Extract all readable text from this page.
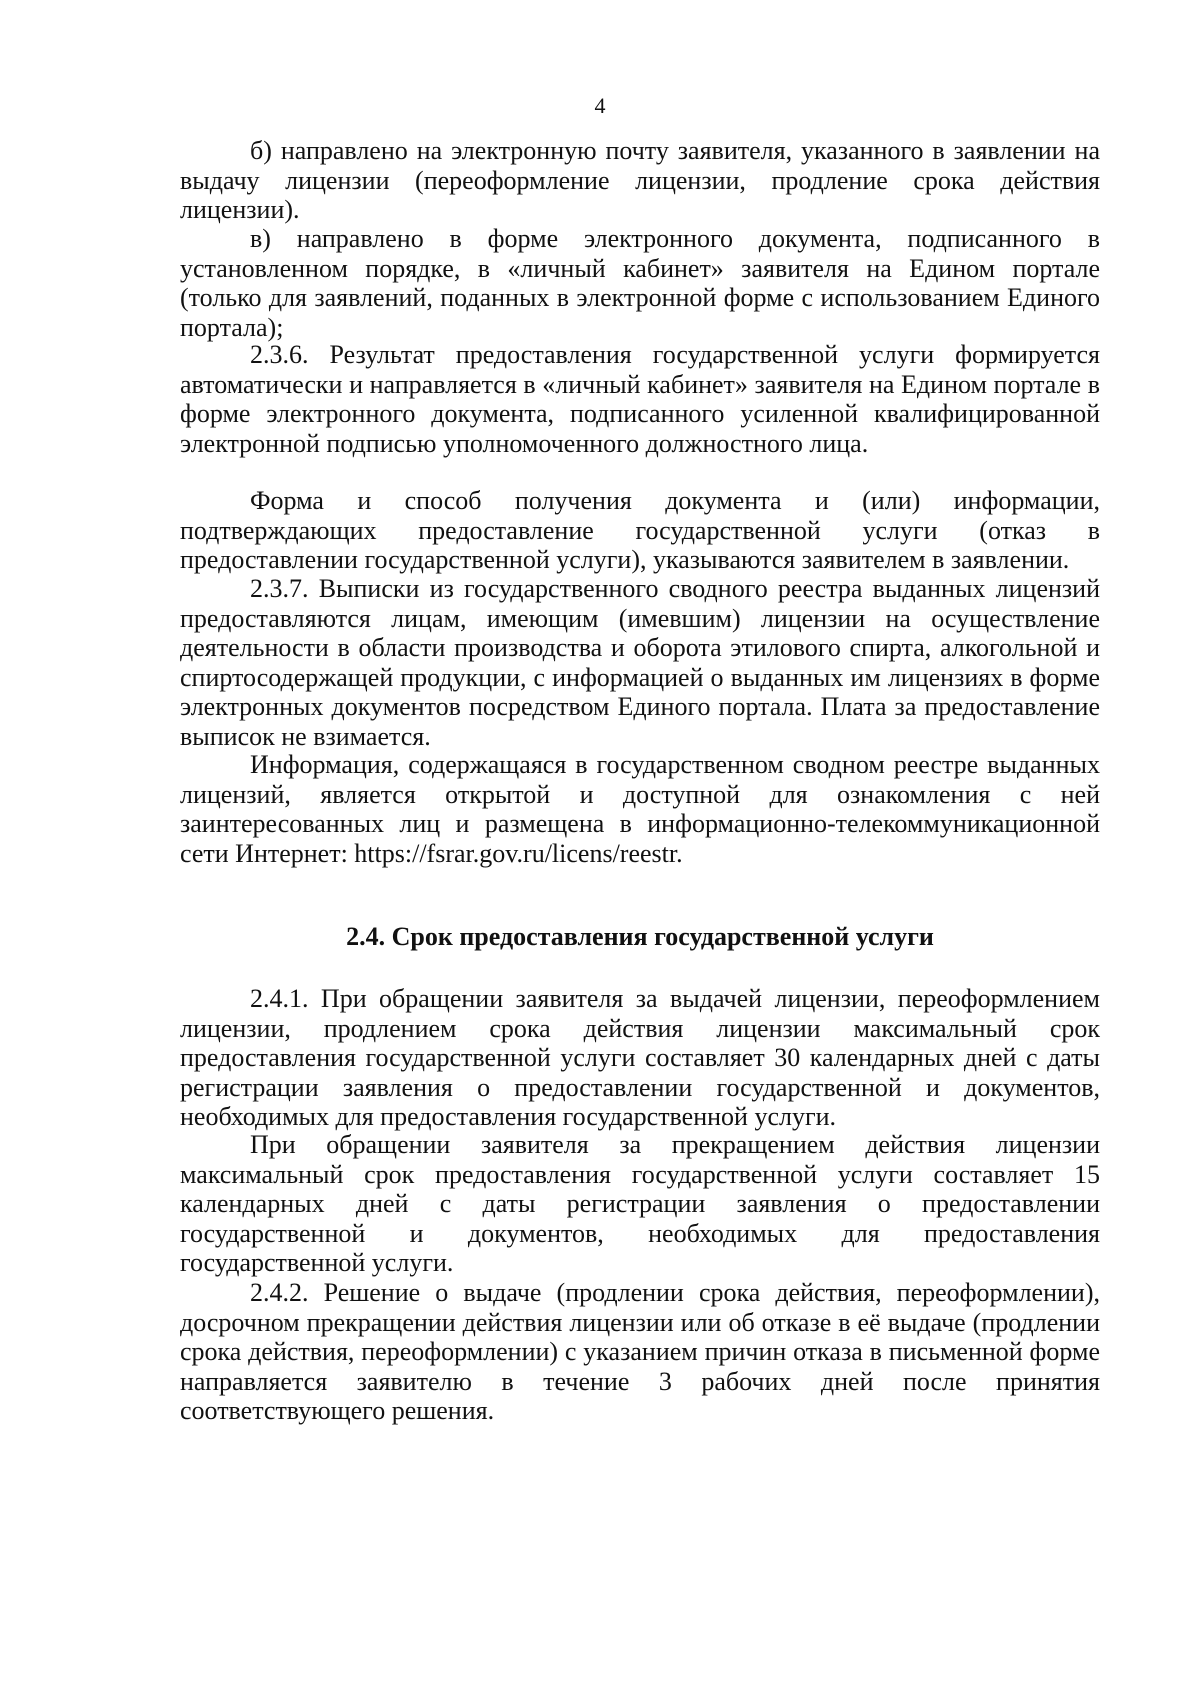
4

б) направлено на электронную почту заявителя, указанного в заявлении на выдачу лицензии (переоформление лицензии, продление срока действия лицензии).

в) направлено в форме электронного документа, подписанного в установленном порядке, в «личный кабинет» заявителя на Едином портале (только для заявлений, поданных в электронной форме с использованием Единого портала);

2.3.6. Результат предоставления государственной услуги формируется автоматически и направляется в «личный кабинет» заявителя на Едином портале в форме электронного документа, подписанного усиленной квалифицированной электронной подписью уполномоченного должностного лица.

Форма и способ получения документа и (или) информации, подтверждающих предоставление государственной услуги (отказ в предоставлении государственной услуги), указываются заявителем в заявлении.

2.3.7. Выписки из государственного сводного реестра выданных лицензий предоставляются лицам, имеющим (имевшим) лицензии на осуществление деятельности в области производства и оборота этилового спирта, алкогольной и спиртосодержащей продукции, с информацией о выданных им лицензиях в форме электронных документов посредством Единого портала. Плата за предоставление выписок не взимается.

Информация, содержащаяся в государственном сводном реестре выданных лицензий, является открытой и доступной для ознакомления с ней заинтересованных лиц и размещена в информационно-телекоммуникационной сети Интернет: https://fsrar.gov.ru/licens/reestr.

2.4. Срок предоставления государственной услуги

2.4.1. При обращении заявителя за выдачей лицензии, переоформлением лицензии, продлением срока действия лицензии максимальный срок предоставления государственной услуги составляет 30 календарных дней с даты регистрации заявления о предоставлении государственной и документов, необходимых для предоставления государственной услуги.

При обращении заявителя за прекращением действия лицензии максимальный срок предоставления государственной услуги составляет 15 календарных дней с даты регистрации заявления о предоставлении государственной и документов, необходимых для предоставления государственной услуги.

2.4.2. Решение о выдаче (продлении срока действия, переоформлении), досрочном прекращении действия лицензии или об отказе в её выдаче (продлении срока действия, переоформлении) с указанием причин отказа в письменной форме направляется заявителю в течение 3 рабочих дней после принятия соответствующего решения.
